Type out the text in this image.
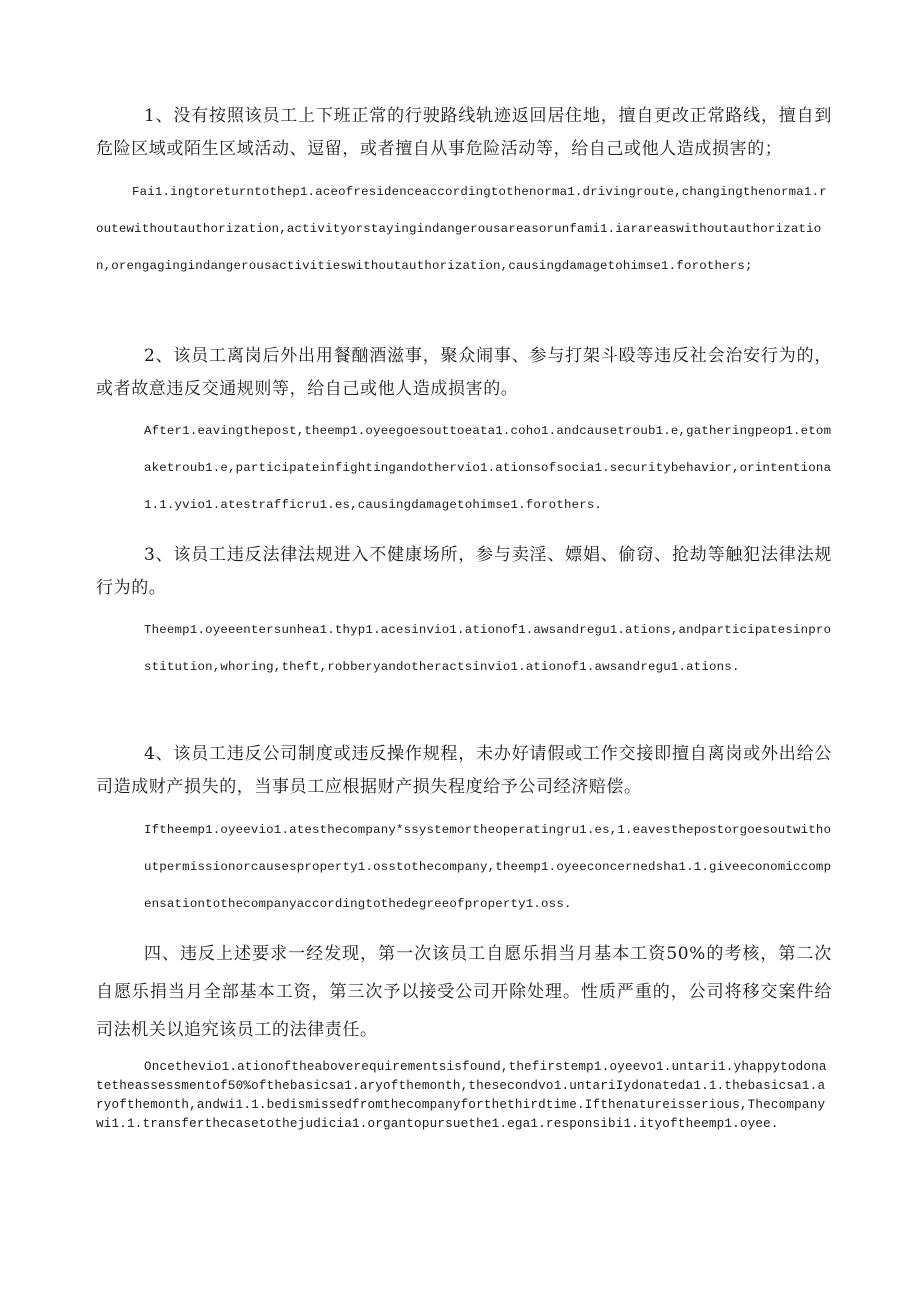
1、没有按照该员工上下班正常的行驶路线轨迹返回居住地，擅自更改正常路线，擅自到危险区域或陌生区域活动、逗留，或者擅自从事危险活动等，给自己或他人造成损害的；

Fai1.ingtoreturntothep1.aceofresidenceaccordingtothenorma1.drivingroute,changingthenorma1.routewithoutauthorization,activityorstayingindangerousareasorunfami1.iarareaswithoutauthorization,orengagingindangerousactivitieswithoutauthorization,causingdamagetohimse1.forothers;

2、该员工离岗后外出用餐酗酒滋事，聚众闹事、参与打架斗殴等违反社会治安行为的，或者故意违反交通规则等，给自己或他人造成损害的。

After1.eavingthepost,theemp1.oyeegoesouttoeata1.coho1.andcausetroub1.e,gatheringpeop1.etomaketroub1.e,participateinfightingandothervio1.ationsofsocia1.securitybehavior,orintentiona1.1.yvio1.atestrafficru1.es,causingdamagetohimse1.forothers.

3、该员工违反法律法规进入不健康场所，参与卖淫、嫖娼、偷窃、抢劫等触犯法律法规行为的。

Theemp1.oyeeentersunhea1.thyp1.acesinvio1.ationof1.awsandregu1.ations,andparticipatesinprostitution,whoring,theft,robberyandotheractsinvio1.ationof1.awsandregu1.ations.

4、该员工违反公司制度或违反操作规程，未办好请假或工作交接即擅自离岗或外出给公司造成财产损失的，当事员工应根据财产损失程度给予公司经济赔偿。

Iftheemp1.oyeevio1.atesthecompany*ssystemortheoperatingru1.es,1.eavesthepostorgoesoutwithoutpermissionorcausesproperty1.osstothecompany,theemp1.oyeeconcernedsha1.1.giveeconomiccompensationtothecompanyaccordingtothedegreeofproperty1.oss.

四、违反上述要求一经发现，第一次该员工自愿乐捐当月基本工资50%的考核，第二次自愿乐捐当月全部基本工资，第三次予以接受公司开除处理。性质严重的，公司将移交案件给司法机关以追究该员工的法律责任。

Oncethevio1.ationoftheaboverequirementsisfound,thefirstemp1.oyeevo1.untari1.yhappytodonatetheassessmentof50%ofthebasicsa1.aryofthemonth,thesecondvo1.untariIydonateda1.1.thebasicsa1.aryofthemonth,andwi1.1.bedismissedfromthecompanyforthethirdtime.Ifthenatureisserious,Thecompanywi1.1.transferthecasetothejudicia1.organtopursuethe1.ega1.responsibi1.ityoftheemp1.oyee.
